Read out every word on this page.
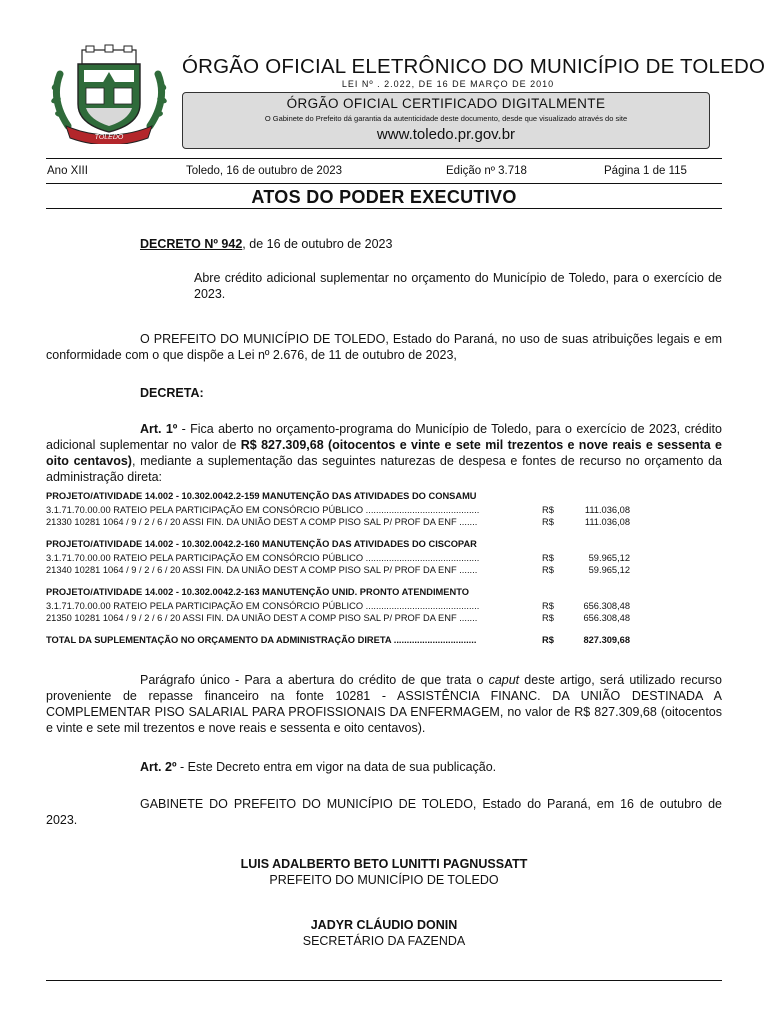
TOLEDO
ÓRGÃO OFICIAL ELETRÔNICO DO MUNICÍPIO DE TOLEDO
LEI Nº . 2.022, DE 16 DE MARÇO DE 2010
ÓRGÃO OFICIAL CERTIFICADO DIGITALMENTE
O Gabinete do Prefeito dá garantia da autenticidade deste documento, desde que visualizado através do site
www.toledo.pr.gov.br
Ano XIII	Toledo, 16 de outubro de 2023	Edição nº 3.718	Página 1 de 115
ATOS DO PODER EXECUTIVO
DECRETO Nº 942, de 16 de outubro de 2023
Abre crédito adicional suplementar no orçamento do Município de Toledo, para o exercício de 2023.
O PREFEITO DO MUNICÍPIO DE TOLEDO, Estado do Paraná, no uso de suas atribuições legais e em conformidade com o que dispõe a Lei nº 2.676, de 11 de outubro de 2023,
DECRETA:
Art. 1º - Fica aberto no orçamento-programa do Município de Toledo, para o exercício de 2023, crédito adicional suplementar no valor de R$ 827.309,68 (oitocentos e vinte e sete mil trezentos e nove reais e sessenta e oito centavos), mediante a suplementação das seguintes naturezas de despesa e fontes de recurso no orçamento da administração direta:
PROJETO/ATIVIDADE 14.002 - 10.302.0042.2-159 MANUTENÇÃO DAS ATIVIDADES DO CONSAMU
3.1.71.70.00.00 RATEIO PELA PARTICIPAÇÃO EM CONSÓRCIO PÚBLICO ............................................	R$	111.036,08
21330 10281 1064 / 9 / 2 / 6 / 20 ASSI FIN. DA UNIÃO DEST A COMP PISO SAL P/ PROF DA ENF .......	R$	111.036,08
PROJETO/ATIVIDADE 14.002 - 10.302.0042.2-160 MANUTENÇÃO DAS ATIVIDADES DO CISCOPAR
3.1.71.70.00.00 RATEIO PELA PARTICIPAÇÃO EM CONSÓRCIO PÚBLICO ............................................	R$	59.965,12
21340 10281 1064 / 9 / 2 / 6 / 20 ASSI FIN. DA UNIÃO DEST A COMP PISO SAL P/ PROF DA ENF .......	R$	59.965,12
PROJETO/ATIVIDADE 14.002 - 10.302.0042.2-163 MANUTENÇÃO UNID. PRONTO ATENDIMENTO
3.1.71.70.00.00 RATEIO PELA PARTICIPAÇÃO EM CONSÓRCIO PÚBLICO ............................................	R$	656.308,48
21350 10281 1064 / 9 / 2 / 6 / 20 ASSI FIN. DA UNIÃO DEST A COMP PISO SAL P/ PROF DA ENF .......	R$	656.308,48
TOTAL DA SUPLEMENTAÇÃO NO ORÇAMENTO DA ADMINISTRAÇÃO DIRETA ................................	R$	827.309,68
Parágrafo único - Para a abertura do crédito de que trata o caput deste artigo, será utilizado recurso proveniente de repasse financeiro na fonte 10281 - ASSISTÊNCIA FINANC. DA UNIÃO DESTINADA A COMPLEMENTAR PISO SALARIAL PARA PROFISSIONAIS DA ENFERMAGEM, no valor de R$ 827.309,68 (oitocentos e vinte e sete mil trezentos e nove reais e sessenta e oito centavos).
Art. 2º - Este Decreto entra em vigor na data de sua publicação.
GABINETE DO PREFEITO DO MUNICÍPIO DE TOLEDO, Estado do Paraná, em 16 de outubro de 2023.
LUIS ADALBERTO BETO LUNITTI PAGNUSSATT
PREFEITO DO MUNICÍPIO DE TOLEDO
JADYR CLÁUDIO DONIN
SECRETÁRIO DA FAZENDA
